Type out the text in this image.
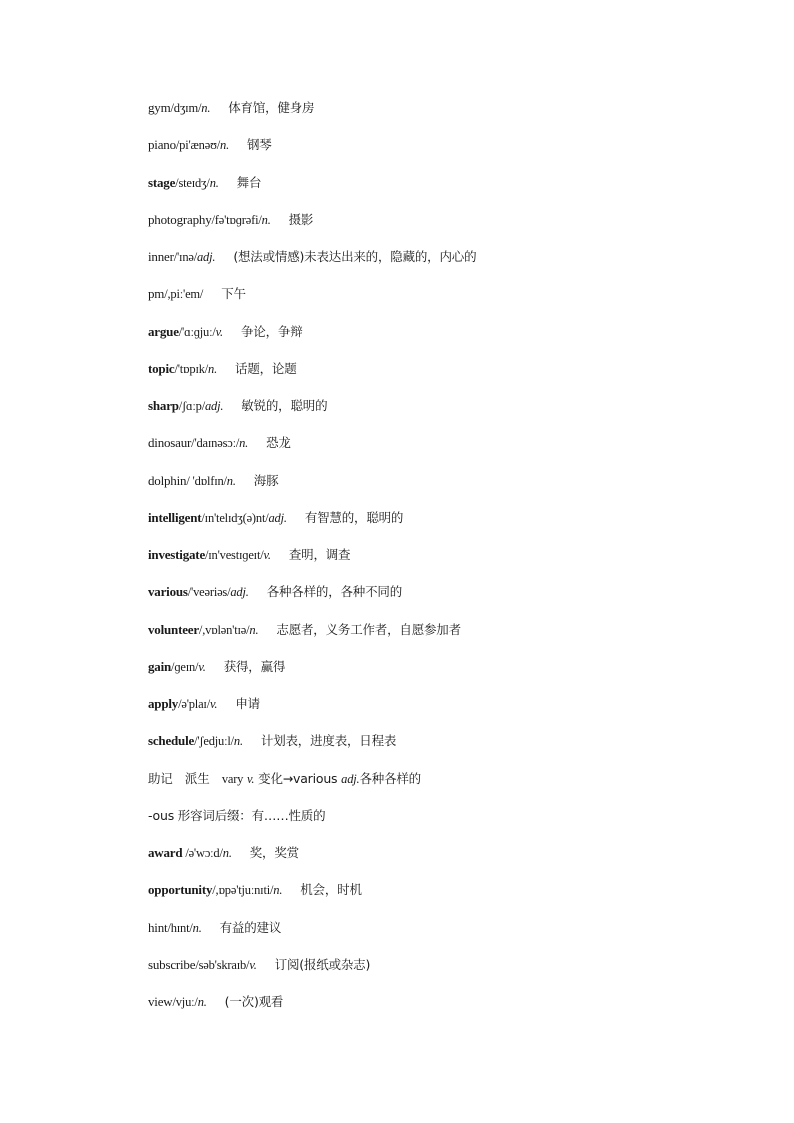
gym/dʒɪm/n. 体育馆，健身房
piano/pi'ænəʊ/n. 钢琴
stage/steɪdʒ/n. 舞台
photography/fə'tɒɡrəfi/n. 摄影
inner/'ɪnə/adj. (想法或情感)未表达出来的，隐藏的，内心的
pm/,piː'em/ 下午
argue/'ɑːɡjuː/v. 争论，争辩
topic/'tɒpɪk/n. 话题，论题
sharp/ʃɑːp/adj. 敏锐的，聪明的
dinosaur/'daɪnəsɔː/n. 恐龙
dolphin/ 'dɒlfɪn/n. 海豚
intelligent/ɪn'telɪdʒ(ə)nt/adj. 有智慧的，聪明的
investigate/ɪn'vestɪɡeɪt/v. 查明，调查
various/'veəriəs/adj. 各种各样的，各种不同的
volunteer/,vɒlən'tɪə/n. 志愿者，义务工作者，自愿参加者
gain/ɡeɪn/v. 获得，赢得
apply/ə'plaɪ/v. 申请
schedule/'ʃedjuːl/n. 计划表，进度表，日程表
助记　派生　vary v. 变化→various adj.各种各样的
-ous 形容词后缀：有……性质的
award /ə'wɔːd/n. 奖，奖赏
opportunity/,ɒpə'tjuːnɪti/n. 机会，时机
hint/hɪnt/n. 有益的建议
subscribe/səb'skraɪb/v. 订阅(报纸或杂志)
view/vjuː/n. (一次)观看
